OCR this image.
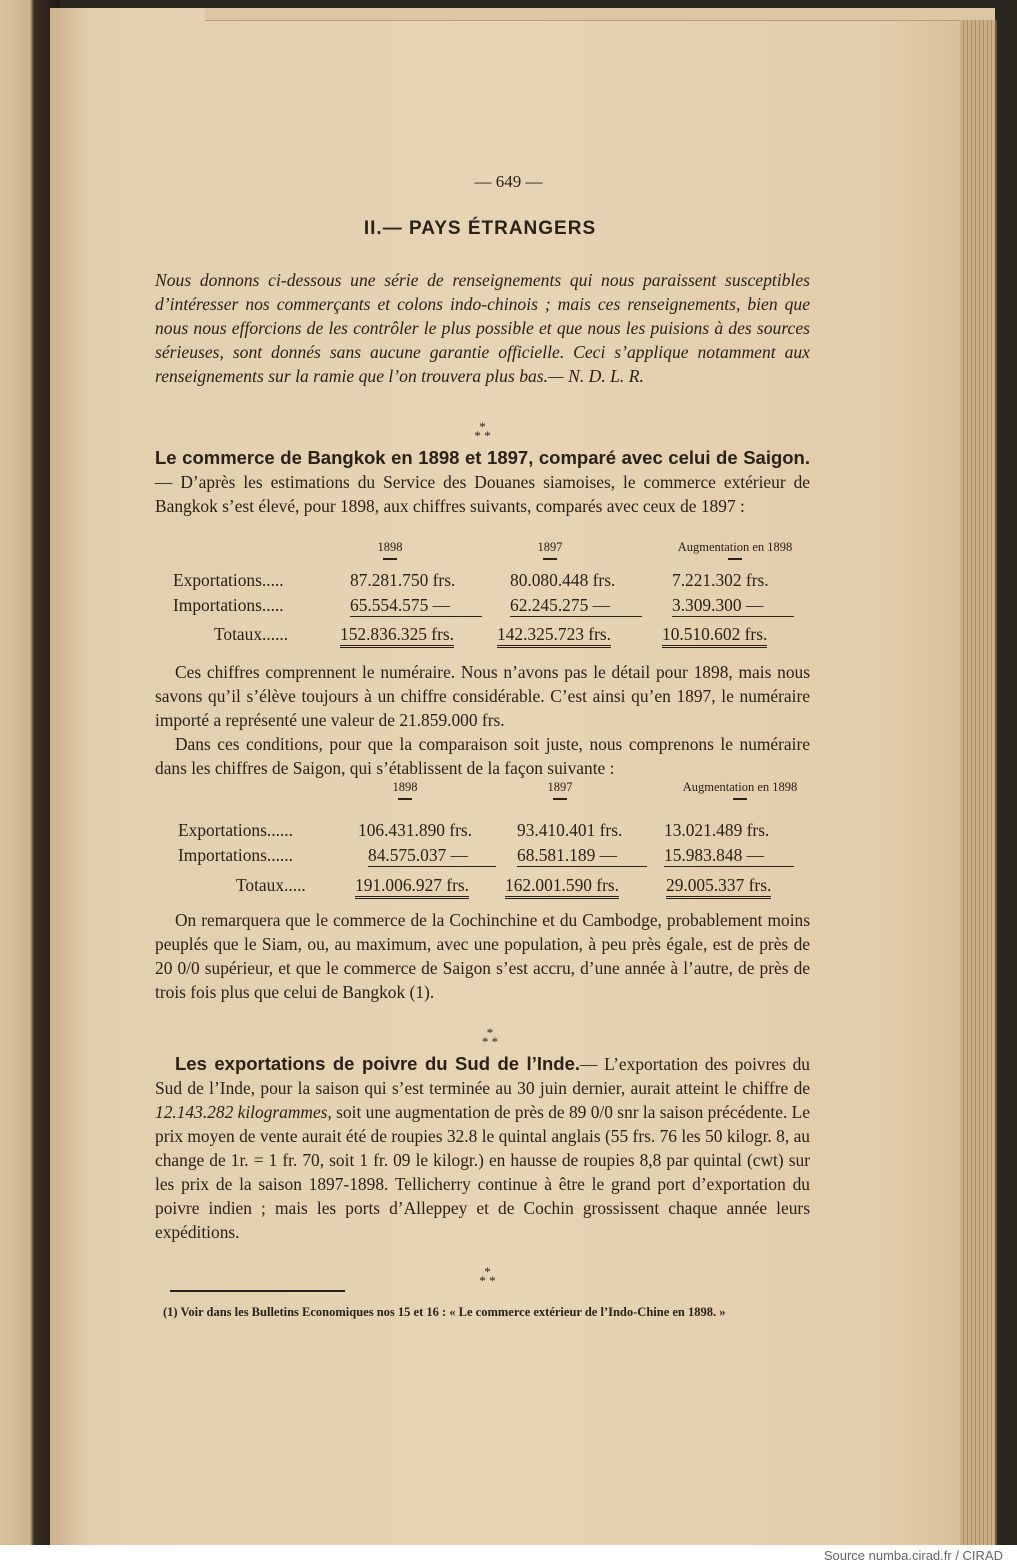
— 649 —
II.— PAYS ÉTRANGERS
Nous donnons ci-dessous une série de renseignements qui nous paraissent susceptibles d’intéresser nos commerçants et colons indo-chinois ; mais ces renseignements, bien que nous nous efforcions de les contrôler le plus possible et que nous les puisions à des sources sérieuses, sont donnés sans aucune garantie officielle. Ceci s’applique notamment aux renseignements sur la ramie que l’on trouvera plus bas.— N. D. L. R.
*
* *
Le commerce de Bangkok en 1898 et 1897, comparé avec celui de Saigon.— D’après les estimations du Service des Douanes siamoises, le commerce extérieur de Bangkok s’est élevé, pour 1898, aux chiffres suivants, comparés avec ceux de 1897 :
1898	1897	Augmentation en 1898
Exportations.....	87.281.750 frs.	80.080.448 frs.	7.221.302 frs.
Importations.....	65.554.575 —	62.245.275 —	3.309.300 —
Totaux......	152.836.325 frs. 142.325.723 frs.	10.510.602 frs.
Ces chiffres comprennent le numéraire. Nous n’avons pas le détail pour 1898, mais nous savons qu’il s’élève toujours à un chiffre considérable. C’est ainsi qu’en 1897, le numéraire importé a représenté une valeur de 21.859.000 frs.
Dans ces conditions, pour que la comparaison soit juste, nous comprenons le numéraire dans les chiffres de Saigon, qui s’établissent de la façon suivante :
1898	1897	Augmentation en 1898
Exportations......	106.431.890 frs.	93.410.401 frs. 13.021.489 frs.
Importations......	84.575.037 —	68.581.189 —	15.983.848 —
Totaux.....	191.006.927 frs. 162.001.590 frs.	29.005.337 frs.
On remarquera que le commerce de la Cochinchine et du Cambodge, probablement moins peuplés que le Siam, ou, au maximum, avec une population, à peu près égale, est de près de 20 0/0 supérieur, et que le commerce de Saigon s’est accru, d’une année à l’autre, de près de trois fois plus que celui de Bangkok (1).
*
* *
Les exportations de poivre du Sud de l’Inde.— L’exportation des poivres du Sud de l’Inde, pour la saison qui s’est terminée au 30 juin dernier, aurait atteint le chiffre de 12.143.282 kilogrammes, soit une augmentation de près de 89 0/0 snr la saison précédente. Le prix moyen de vente aurait été de roupies 32.8 le quintal anglais (55 frs. 76 les 50 kilogr. 8, au change de 1r. = 1 fr. 70, soit 1 fr. 09 le kilogr.) en hausse de roupies 8,8 par quintal (cwt) sur les prix de la saison 1897-1898. Tellicherry continue à être le grand port d’exportation du poivre indien ; mais les ports d’Alleppey et de Cochin grossissent chaque année leurs expéditions.
*
* *
(1) Voir dans les Bulletins Economiques nos 15 et 16 : « Le commerce extérieur de l’Indo-Chine en 1898. »
Source numba.cirad.fr / CIRAD
